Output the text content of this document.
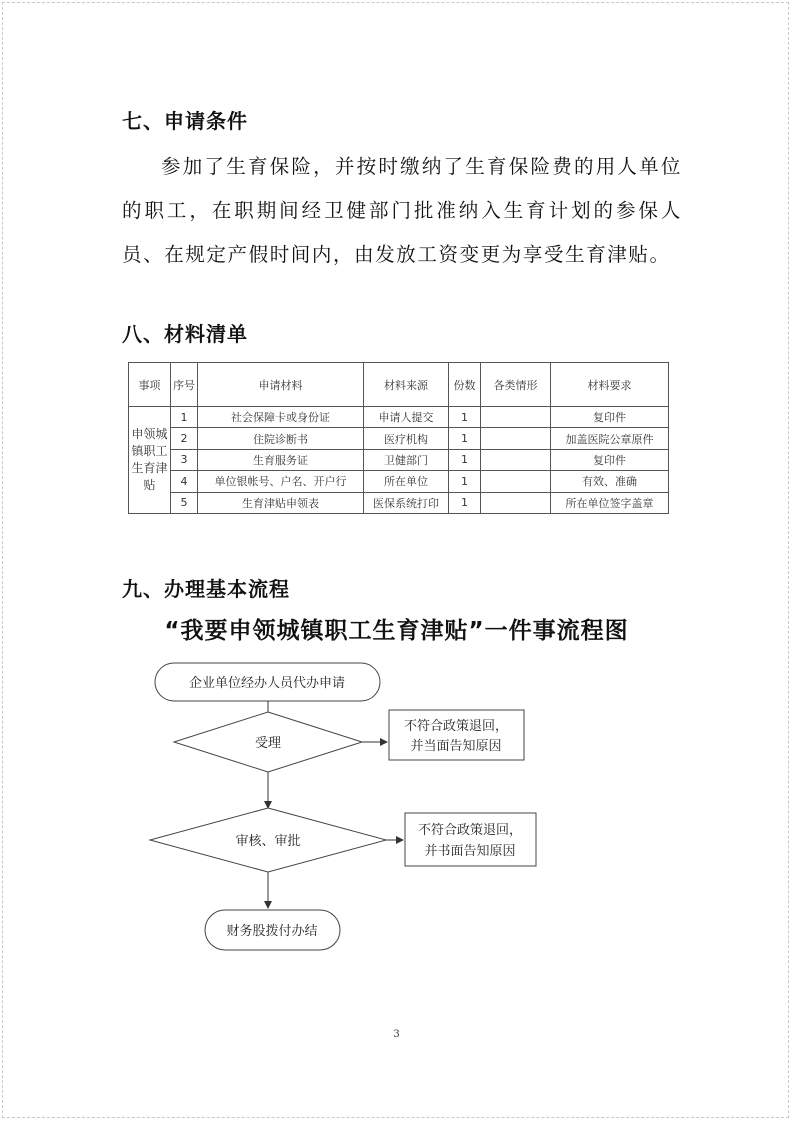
七、申请条件

参加了生育保险，并按时缴纳了生育保险费的用人单位的职工，在职期间经卫健部门批准纳入生育计划的参保人员、在规定产假时间内，由发放工资变更为享受生育津贴。

八、材料清单
事项	序号	申请材料	材料来源	份数	各类情形	材料要求
申领城镇职工生育津贴	1	社会保障卡或身份证	申请人提交	1		复印件
	2	住院诊断书	医疗机构	1		加盖医院公章原件
	3	生育服务证	卫健部门	1		复印件
	4	单位银帐号、户名、开户行	所在单位	1		有效、准确
	5	生育津贴申领表	医保系统打印	1		所在单位签字盖章
九、办理基本流程
“我要申领城镇职工生育津贴”一件事流程图
企业单位经办人员代办申请
受理
不符合政策退回，
并当面告知原因
审核、审批
不符合政策退回，
并书面告知原因
财务股拨付办结
3
